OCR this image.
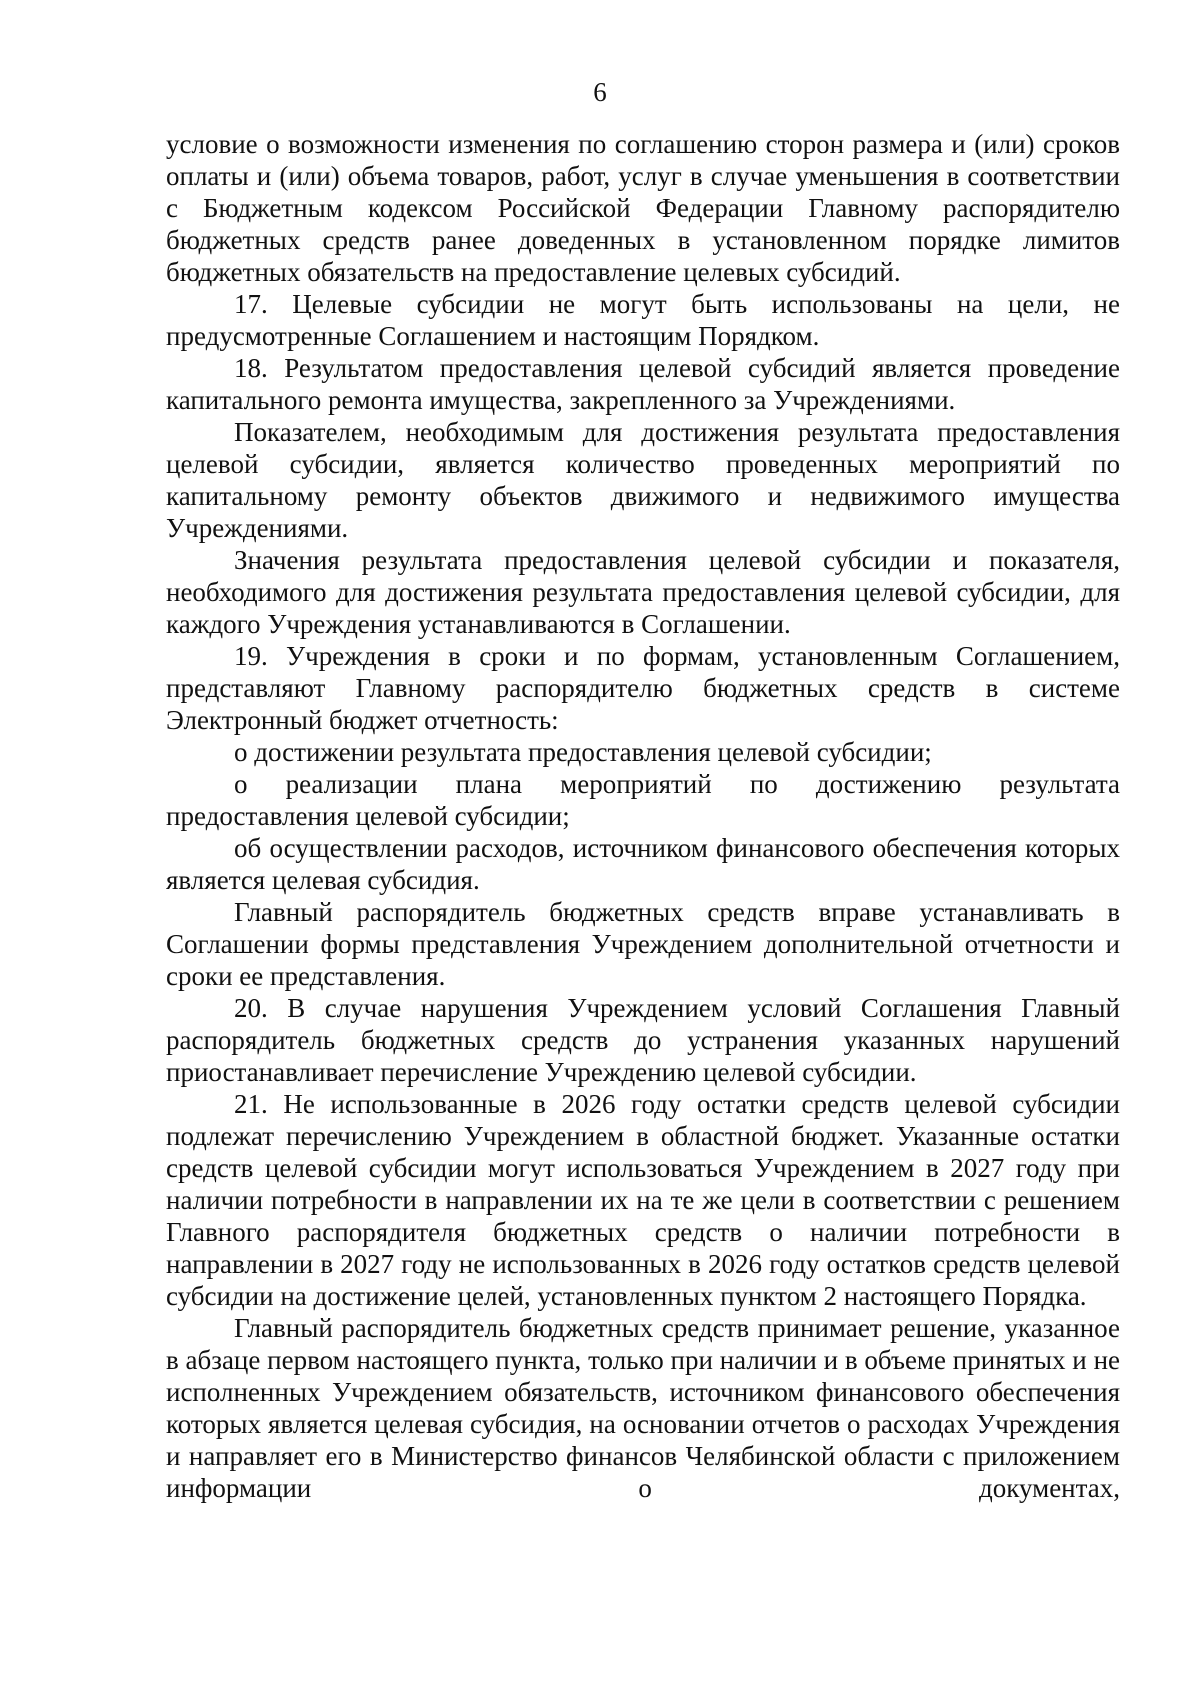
6

условие о возможности изменения по соглашению сторон размера и (или) сроков оплаты и (или) объема товаров, работ, услуг в случае уменьшения в соответствии с Бюджетным кодексом Российской Федерации Главному распорядителю бюджетных средств ранее доведенных в установленном порядке лимитов бюджетных обязательств на предоставление целевых субсидий.

17. Целевые субсидии не могут быть использованы на цели, не предусмотренные Соглашением и настоящим Порядком.

18. Результатом предоставления целевой субсидий является проведение капитального ремонта имущества, закрепленного за Учреждениями.

Показателем, необходимым для достижения результата предоставления целевой субсидии, является количество проведенных мероприятий по капитальному ремонту объектов движимого и недвижимого имущества Учреждениями.

Значения результата предоставления целевой субсидии и показателя, необходимого для достижения результата предоставления целевой субсидии, для каждого Учреждения устанавливаются в Соглашении.

19. Учреждения в сроки и по формам, установленным Соглашением, представляют Главному распорядителю бюджетных средств в системе Электронный бюджет отчетность:

о достижении результата предоставления целевой субсидии;

о реализации плана мероприятий по достижению результата предоставления целевой субсидии;

об осуществлении расходов, источником финансового обеспечения которых является целевая субсидия.

Главный распорядитель бюджетных средств вправе устанавливать в Соглашении формы представления Учреждением дополнительной отчетности и сроки ее представления.

20. В случае нарушения Учреждением условий Соглашения Главный распорядитель бюджетных средств до устранения указанных нарушений приостанавливает перечисление Учреждению целевой субсидии.

21. Не использованные в 2026 году остатки средств целевой субсидии подлежат перечислению Учреждением в областной бюджет. Указанные остатки средств целевой субсидии могут использоваться Учреждением в 2027 году при наличии потребности в направлении их на те же цели в соответствии с решением Главного распорядителя бюджетных средств о наличии потребности в направлении в 2027 году не использованных в 2026 году остатков средств целевой субсидии на достижение целей, установленных пунктом 2 настоящего Порядка.

Главный распорядитель бюджетных средств принимает решение, указанное в абзаце первом настоящего пункта, только при наличии и в объеме принятых и не исполненных Учреждением обязательств, источником финансового обеспечения которых является целевая субсидия, на основании отчетов о расходах Учреждения и направляет его в Министерство финансов Челябинской области с приложением информации о документах,
